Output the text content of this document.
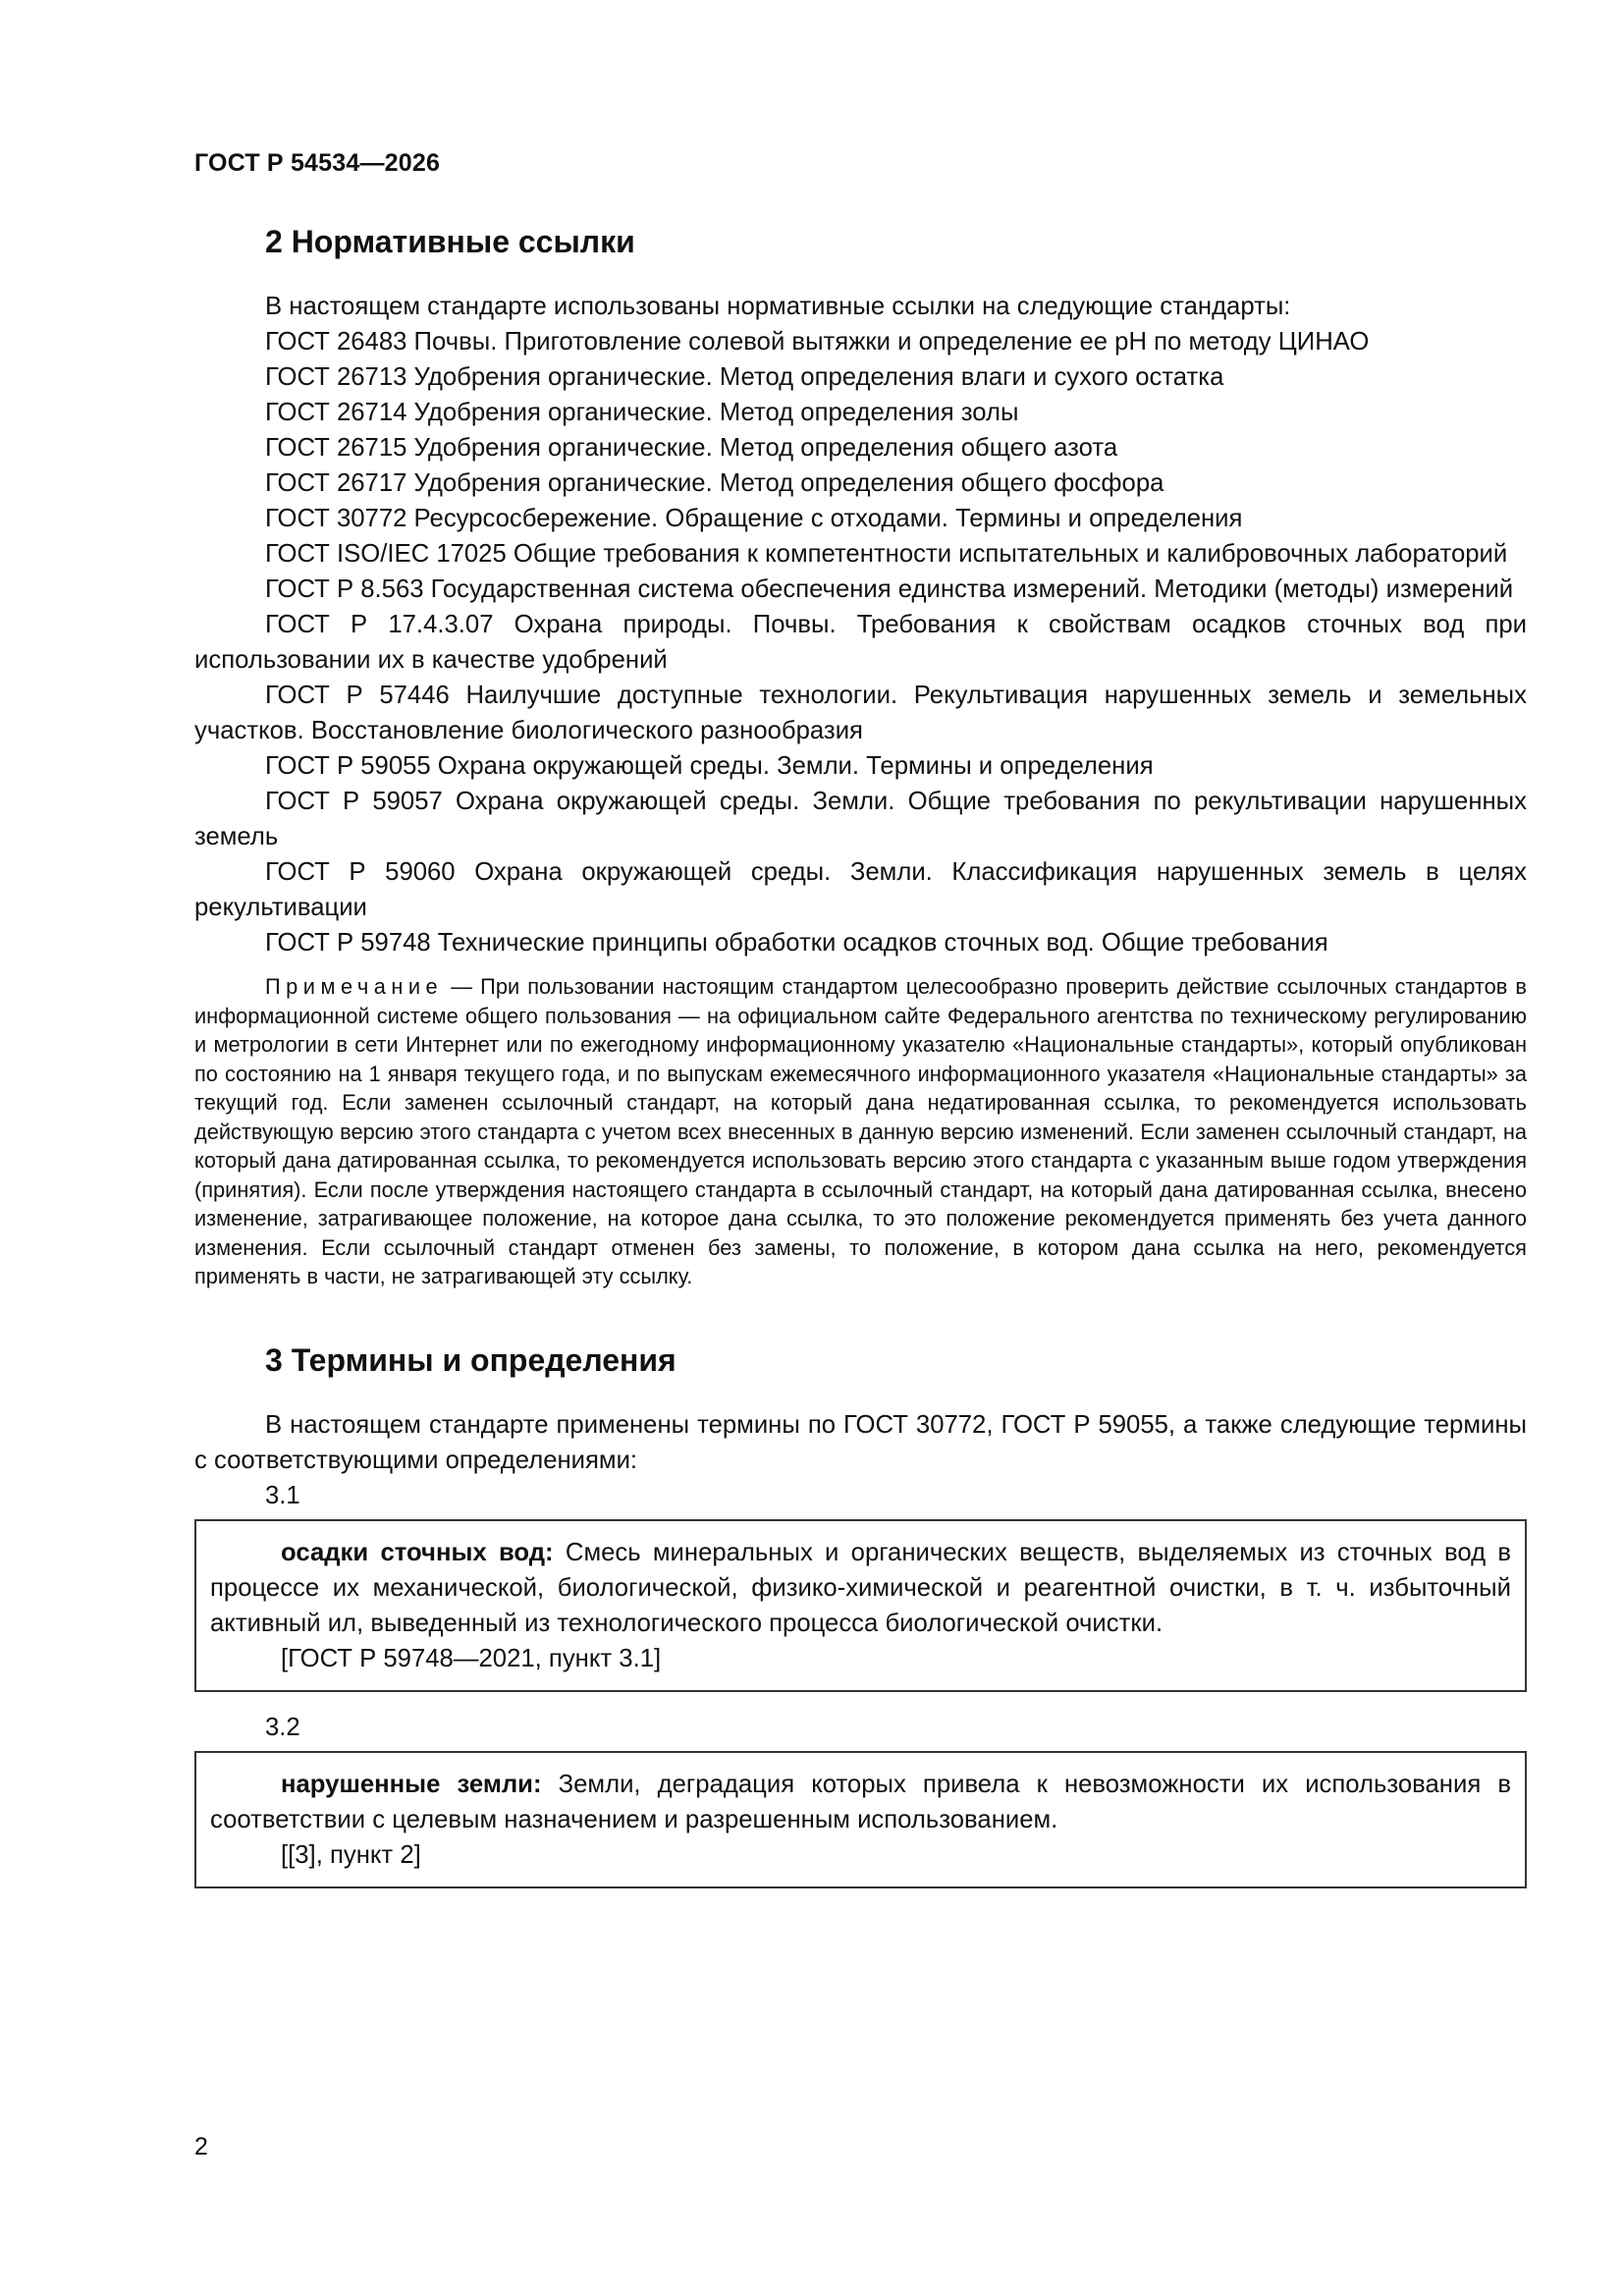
ГОСТ Р 54534—2026
2 Нормативные ссылки

В настоящем стандарте использованы нормативные ссылки на следующие стандарты:

ГОСТ 26483 Почвы. Приготовление солевой вытяжки и определение ее pH по методу ЦИНАО

ГОСТ 26713 Удобрения органические. Метод определения влаги и сухого остатка

ГОСТ 26714 Удобрения органические. Метод определения золы

ГОСТ 26715 Удобрения органические. Метод определения общего азота

ГОСТ 26717 Удобрения органические. Метод определения общего фосфора

ГОСТ 30772 Ресурсосбережение. Обращение с отходами. Термины и определения

ГОСТ ISO/IEC 17025 Общие требования к компетентности испытательных и калибровочных лабораторий

ГОСТ Р 8.563 Государственная система обеспечения единства измерений. Методики (методы) измерений

ГОСТ Р 17.4.3.07 Охрана природы. Почвы. Требования к свойствам осадков сточных вод при использовании их в качестве удобрений

ГОСТ Р 57446 Наилучшие доступные технологии. Рекультивация нарушенных земель и земельных участков. Восстановление биологического разнообразия

ГОСТ Р 59055 Охрана окружающей среды. Земли. Термины и определения

ГОСТ Р 59057 Охрана окружающей среды. Земли. Общие требования по рекультивации нарушенных земель

ГОСТ Р 59060 Охрана окружающей среды. Земли. Классификация нарушенных земель в целях рекультивации

ГОСТ Р 59748 Технические принципы обработки осадков сточных вод. Общие требования

Примечание — При пользовании настоящим стандартом целесообразно проверить действие ссылочных стандартов в информационной системе общего пользования — на официальном сайте Федерального агентства по техническому регулированию и метрологии в сети Интернет или по ежегодному информационному указателю «Национальные стандарты», который опубликован по состоянию на 1 января текущего года, и по выпускам ежемесячного информационного указателя «Национальные стандарты» за текущий год. Если заменен ссылочный стандарт, на который дана недатированная ссылка, то рекомендуется использовать действующую версию этого стандарта с учетом всех внесенных в данную версию изменений. Если заменен ссылочный стандарт, на который дана датированная ссылка, то рекомендуется использовать версию этого стандарта с указанным выше годом утверждения (принятия). Если после утверждения настоящего стандарта в ссылочный стандарт, на который дана датированная ссылка, внесено изменение, затрагивающее положение, на которое дана ссылка, то это положение рекомендуется применять без учета данного изменения. Если ссылочный стандарт отменен без замены, то положение, в котором дана ссылка на него, рекомендуется применять в части, не затрагивающей эту ссылку.

3 Термины и определения

В настоящем стандарте применены термины по ГОСТ 30772, ГОСТ Р 59055, а также следующие термины с соответствующими определениями:

3.1

осадки сточных вод: Смесь минеральных и органических веществ, выделяемых из сточных вод в процессе их механической, биологической, физико-химической и реагентной очистки, в т. ч. избыточный активный ил, выведенный из технологического процесса биологической очистки.

[ГОСТ Р 59748—2021, пункт 3.1]

3.2

нарушенные земли: Земли, деградация которых привела к невозможности их использования в соответствии с целевым назначением и разрешенным использованием.

[[3], пункт 2]

2
